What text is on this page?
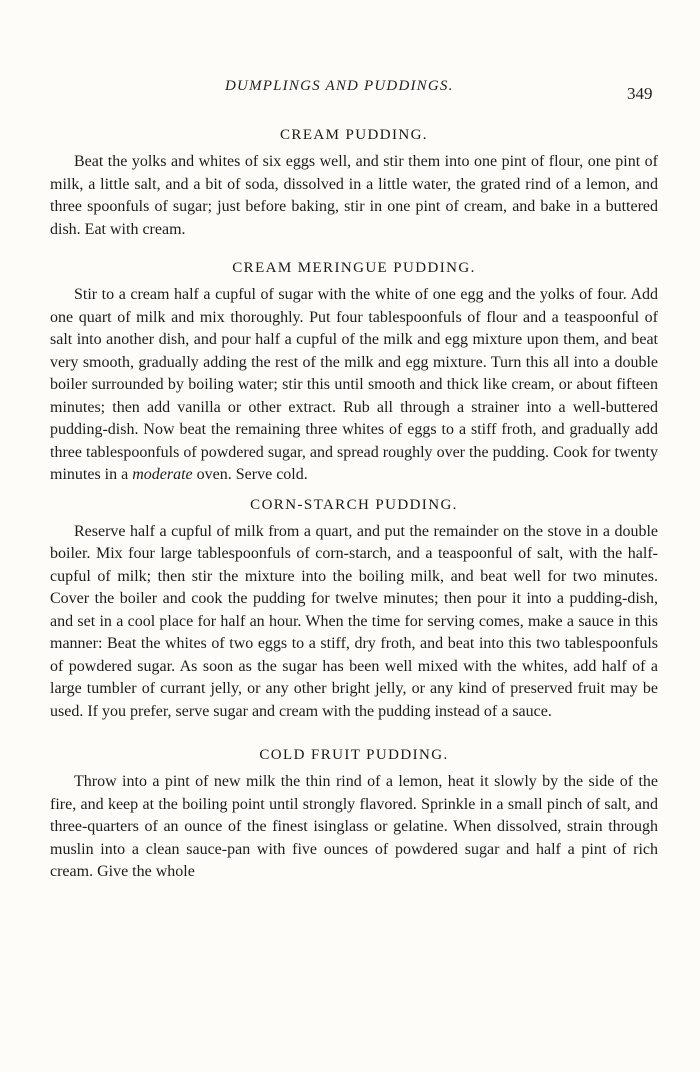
DUMPLINGS AND PUDDINGS.	349
CREAM PUDDING.

Beat the yolks and whites of six eggs well, and stir them into one pint of flour, one pint of milk, a little salt, and a bit of soda, dissolved in a little water, the grated rind of a lemon, and three spoonfuls of sugar; just before baking, stir in one pint of cream, and bake in a buttered dish. Eat with cream.

CREAM MERINGUE PUDDING.

Stir to a cream half a cupful of sugar with the white of one egg and the yolks of four. Add one quart of milk and mix thoroughly. Put four tablespoonfuls of flour and a teaspoonful of salt into another dish, and pour half a cupful of the milk and egg mixture upon them, and beat very smooth, gradually adding the rest of the milk and egg mixture. Turn this all into a double boiler surrounded by boiling water; stir this until smooth and thick like cream, or about fifteen minutes; then add vanilla or other extract. Rub all through a strainer into a well-buttered pudding-dish. Now beat the remaining three whites of eggs to a stiff froth, and gradually add three tablespoonfuls of powdered sugar, and spread roughly over the pudding. Cook for twenty minutes in a moderate oven. Serve cold.

CORN-STARCH PUDDING.

Reserve half a cupful of milk from a quart, and put the remainder on the stove in a double boiler. Mix four large tablespoonfuls of corn-starch, and a teaspoonful of salt, with the half-cupful of milk; then stir the mixture into the boiling milk, and beat well for two minutes. Cover the boiler and cook the pudding for twelve minutes; then pour it into a pudding-dish, and set in a cool place for half an hour. When the time for serving comes, make a sauce in this manner: Beat the whites of two eggs to a stiff, dry froth, and beat into this two tablespoonfuls of powdered sugar. As soon as the sugar has been well mixed with the whites, add half of a large tumbler of currant jelly, or any other bright jelly, or any kind of preserved fruit may be used. If you prefer, serve sugar and cream with the pudding instead of a sauce.

COLD FRUIT PUDDING.

Throw into a pint of new milk the thin rind of a lemon, heat it slowly by the side of the fire, and keep at the boiling point until strongly flavored. Sprinkle in a small pinch of salt, and three-quarters of an ounce of the finest isinglass or gelatine. When dissolved, strain through muslin into a clean sauce-pan with five ounces of powdered sugar and half a pint of rich cream. Give the whole
